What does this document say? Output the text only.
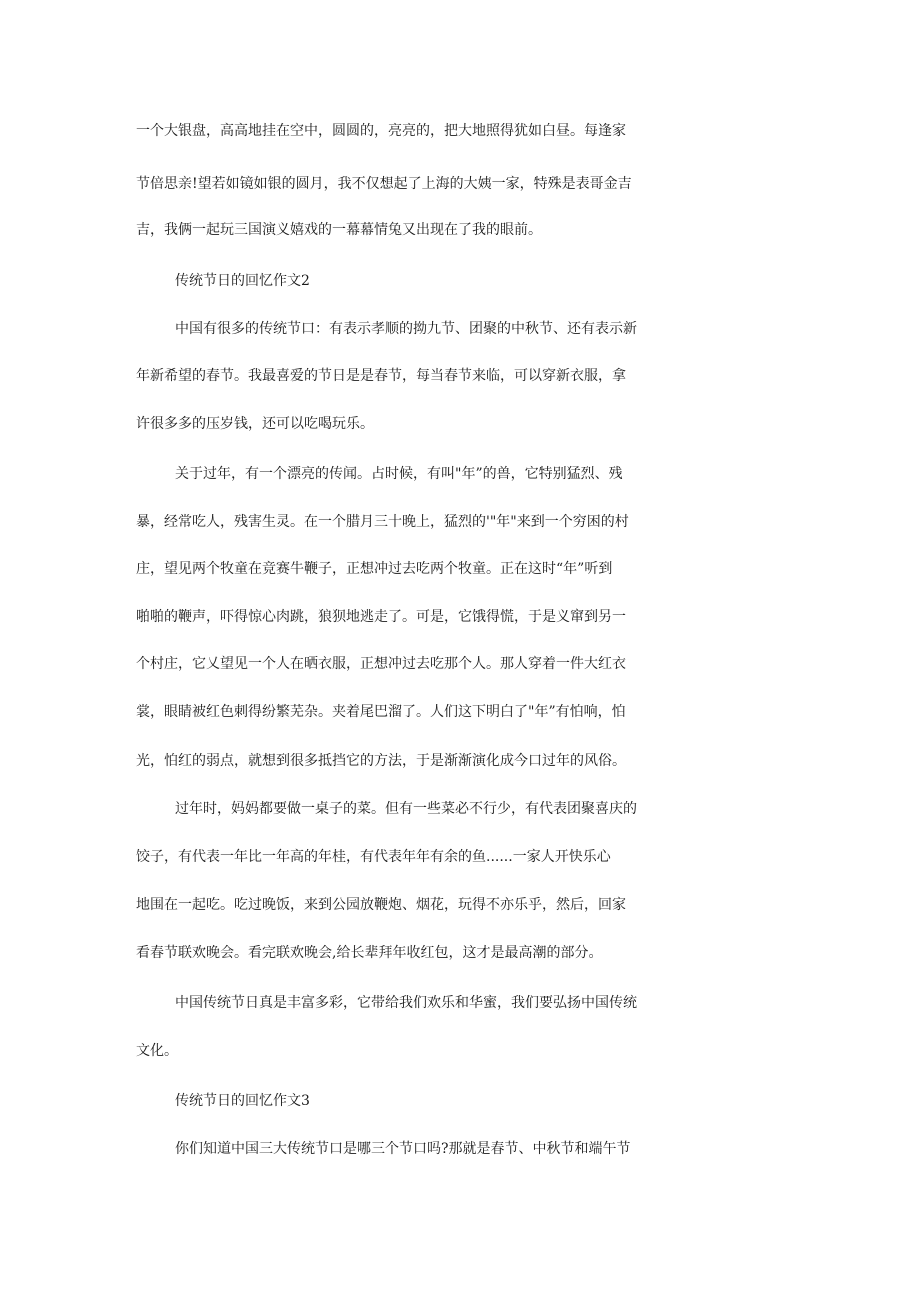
一个大银盘，高高地挂在空中，圆圆的，亮亮的，把大地照得犹如白昼。每逢家
节倍思亲!望若如镜如银的圆月，我不仅想起了上海的大姨一家，特殊是表哥金吉
吉，我俩一起玩三国演义嬉戏的一幕幕情兔又出现在了我的眼前。
传统节日的回忆作文2
中国有很多的传统节口：有表示孝顺的拗九节、团聚的中秋节、还有表示新
年新希望的春节。我最喜爱的节日是是春节，每当春节来临，可以穿新衣服，拿
许很多多的压岁钱，还可以吃喝玩乐。
关于过年，有一个漂亮的传闻。占时候，有叫"年”的兽，它特别猛烈、残
暴，经常吃人，残害生灵。在一个腊月三十晚上，猛烈的'"年"来到一个穷困的村
庄，望见两个牧童在竞赛牛鞭子，正想冲过去吃两个牧童。正在这时“年”听到
啪啪的鞭声，吓得惊心肉跳，狼狈地逃走了。可是，它饿得慌，于是义窜到另一
个村庄，它乂望见一个人在晒衣服，正想冲过去吃那个人。那人穿着一件大红衣
裳，眼睛被红色刺得纷繁芜杂。夹着尾巴溜了。人们这下明白了"年”有怕响，怕
光，怕红的弱点，就想到很多抵挡它的方法，于是渐渐演化成今口过年的风俗。
过年时，妈妈都要做一桌子的菜。但有一些菜必不行少，有代表团聚喜庆的
饺子，有代表一年比一年高的年桂，有代表年年有余的鱼......一家人开快乐心
地围在一起吃。吃过晚饭，来到公园放鞭炮、烟花，玩得不亦乐乎，然后，回家
看春节联欢晚会。看完联欢晚会,给长辈拜年收红包，这才是最高潮的部分。
中国传统节日真是丰富多彩，它带给我们欢乐和华蜜，我们要弘扬中国传统
文化。
传统节日的回忆作文3
你们知道中国三大传统节口是哪三个节口吗?那就是春节、中秋节和端午节
